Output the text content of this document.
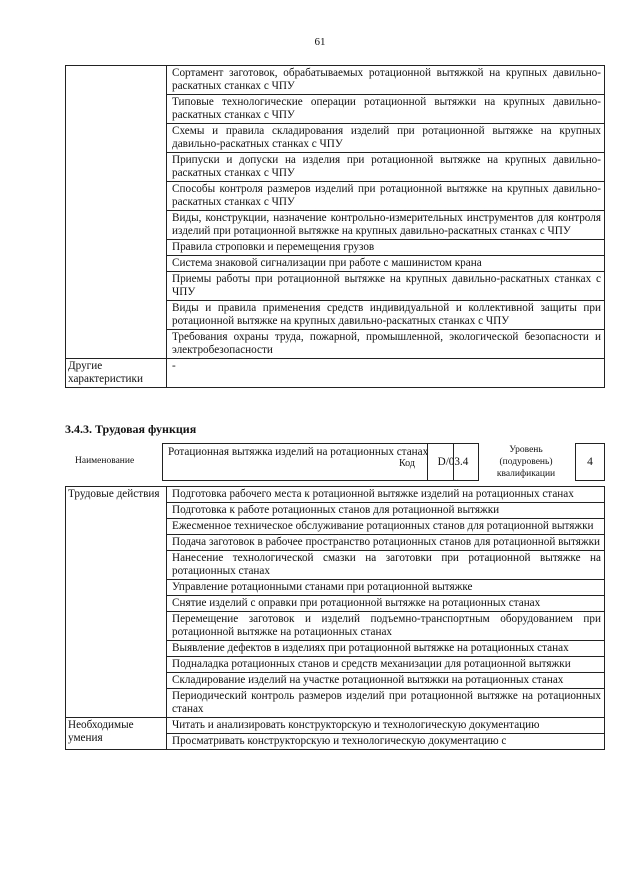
61
	Сортамент заготовок, обрабатываемых ротационной вытяжкой на крупных давильно-раскатных станках с ЧПУ
	Типовые технологические операции ротационной вытяжки на крупных давильно-раскатных станках с ЧПУ
	Схемы и правила складирования изделий при ротационной вытяжке на крупных давильно-раскатных станках с ЧПУ
	Припуски и допуски на изделия при ротационной вытяжке на крупных давильно-раскатных станках с ЧПУ
	Способы контроля размеров изделий при ротационной вытяжке на крупных давильно-раскатных станках с ЧПУ
	Виды, конструкции, назначение контрольно-измерительных инструментов для контроля изделий при ротационной вытяжке на крупных давильно-раскатных станках с ЧПУ
	Правила строповки и перемещения грузов
	Система знаковой сигнализации при работе с машинистом крана
	Приемы работы при ротационной вытяжке на крупных давильно-раскатных станках с ЧПУ
	Виды и правила применения средств индивидуальной и коллективной защиты при ротационной вытяжке на крупных давильно-раскатных станках с ЧПУ
	Требования охраны труда, пожарной, промышленной, экологической безопасности и электробезопасности
Другие характеристики	-
3.4.3. Трудовая функция
Наименование
Ротационная вытяжка изделий на ротационных станах
Код	D/03.4
Уровень (подуровень) квалификации
4
Трудовые действия	Подготовка рабочего места к ротационной вытяжке изделий на ротационных станах
	Подготовка к работе ротационных станов для ротационной вытяжки
	Ежесменное техническое обслуживание ротационных станов для ротационной вытяжки
	Подача заготовок в рабочее пространство ротационных станов для ротационной вытяжки
	Нанесение технологической смазки на заготовки при ротационной вытяжке на ротационных станах
	Управление ротационными станами при ротационной вытяжке
	Снятие изделий с оправки при ротационной вытяжке на ротационных станах
	Перемещение заготовок и изделий подъемно-транспортным оборудованием при ротационной вытяжке на ротационных станах
	Выявление дефектов в изделиях при ротационной вытяжке на ротационных станах
	Подналадка ротационных станов и средств механизации для ротационной вытяжки
	Складирование изделий на участке ротационной вытяжки на ротационных станах
	Периодический контроль размеров изделий при ротационной вытяжке на ротационных станах
Необходимые умения	Читать и анализировать конструкторскую и технологическую документацию
	Просматривать конструкторскую и технологическую документацию с
